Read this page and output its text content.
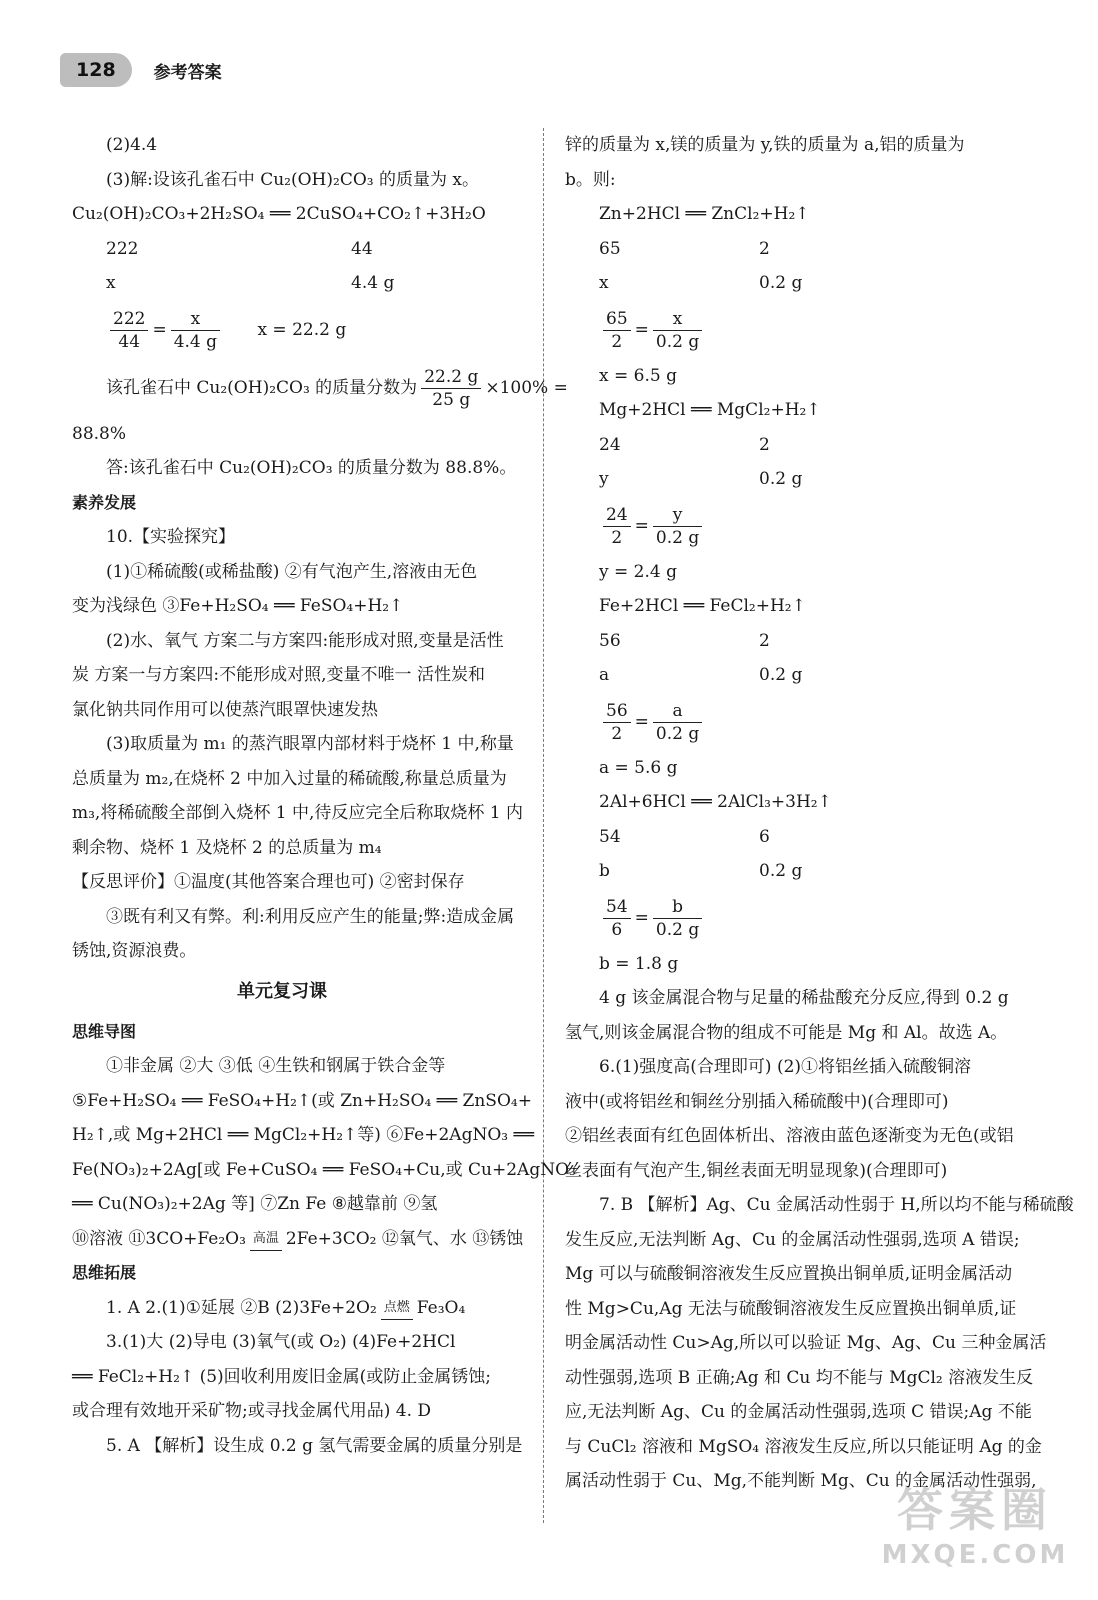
128	参考答案
(2)4.4
(3)解:设该孔雀石中 Cu₂(OH)₂CO₃ 的质量为 x。
Cu₂(OH)₂CO₃+2H₂SO₄ ══ 2CuSO₄+CO₂↑+3H₂O
222	44
x	4.4 g
$\frac{222}{44} = \frac{x}{4.4 g}$ x = 22.2 g
该孔雀石中 Cu₂(OH)₂CO₃ 的质量分数为 $\frac{22.2 g}{25 g} \times 100\%$ =
88.8%
答:该孔雀石中 Cu₂(OH)₂CO₃ 的质量分数为 88.8%。
素养发展
10.【实验探究】
(1)①稀硫酸(或稀盐酸) ②有气泡产生,溶液由无色
变为浅绿色 ③Fe+H₂SO₄ ══ FeSO₄+H₂↑
(2)水、氧气 方案二与方案四:能形成对照,变量是活性
炭 方案一与方案四:不能形成对照,变量不唯一 活性炭和
氯化钠共同作用可以使蒸汽眼罩快速发热
(3)取质量为 m₁ 的蒸汽眼罩内部材料于烧杯 1 中,称量
总质量为 m₂,在烧杯 2 中加入过量的稀硫酸,称量总质量为
m₃,将稀硫酸全部倒入烧杯 1 中,待反应完全后称取烧杯 1 内
剩余物、烧杯 1 及烧杯 2 的总质量为 m₄
【反思评价】①温度(其他答案合理也可) ②密封保存
③既有利又有弊。利:利用反应产生的能量;弊:造成金属
锈蚀,资源浪费。
单元复习课
思维导图
①非金属 ②大 ③低 ④生铁和钢属于铁合金等
⑤Fe+H₂SO₄ ══ FeSO₄+H₂↑(或 Zn+H₂SO₄ ══ ZnSO₄+
H₂↑,或 Mg+2HCl ══ MgCl₂+H₂↑等) ⑥Fe+2AgNO₃ ══
Fe(NO₃)₂+2Ag[或 Fe+CuSO₄ ══ FeSO₄+Cu,或 Cu+2AgNO₃
══ Cu(NO₃)₂+2Ag 等] ⑦Zn Fe ⑧越靠前 ⑨氢
⑩溶液 ⑪3CO+Fe₂O₃ 高温 2Fe+3CO₂ ⑫氧气、水 ⑬锈蚀
思维拓展
1. A 2.(1)①延展 ②B (2)3Fe+2O₂ 点燃 Fe₃O₄
3.(1)大 (2)导电 (3)氧气(或 O₂) (4)Fe+2HCl
══ FeCl₂+H₂↑ (5)回收利用废旧金属(或防止金属锈蚀;
或合理有效地开采矿物;或寻找金属代用品) 4. D
5. A 【解析】设生成 0.2 g 氢气需要金属的质量分别是
锌的质量为 x,镁的质量为 y,铁的质量为 a,铝的质量为
b。则:
Zn+2HCl ══ ZnCl₂+H₂↑
65	2
x	0.2 g
$\frac{65}{2} = \frac{x}{0.2 g}$
x = 6.5 g
Mg+2HCl ══ MgCl₂+H₂↑
24	2
y	0.2 g
$\frac{24}{2} = \frac{y}{0.2 g}$
y = 2.4 g
Fe+2HCl ══ FeCl₂+H₂↑
56	2
a	0.2 g
$\frac{56}{2} = \frac{a}{0.2 g}$
a = 5.6 g
2Al+6HCl ══ 2AlCl₃+3H₂↑
54	6
b	0.2 g
$\frac{54}{6} = \frac{b}{0.2 g}$
b = 1.8 g
4 g 该金属混合物与足量的稀盐酸充分反应,得到 0.2 g
氢气,则该金属混合物的组成不可能是 Mg 和 Al。故选 A。
6.(1)强度高(合理即可) (2)①将铝丝插入硫酸铜溶
液中(或将铝丝和铜丝分别插入稀硫酸中)(合理即可)
②铝丝表面有红色固体析出、溶液由蓝色逐渐变为无色(或铝
丝表面有气泡产生,铜丝表面无明显现象)(合理即可)
7. B 【解析】Ag、Cu 金属活动性弱于 H,所以均不能与稀硫酸
发生反应,无法判断 Ag、Cu 的金属活动性强弱,选项 A 错误;
Mg 可以与硫酸铜溶液发生反应置换出铜单质,证明金属活动
性 Mg>Cu,Ag 无法与硫酸铜溶液发生反应置换出铜单质,证
明金属活动性 Cu>Ag,所以可以验证 Mg、Ag、Cu 三种金属活
动性强弱,选项 B 正确;Ag 和 Cu 均不能与 MgCl₂ 溶液发生反
应,无法判断 Ag、Cu 的金属活动性强弱,选项 C 错误;Ag 不能
与 CuCl₂ 溶液和 MgSO₄ 溶液发生反应,所以只能证明 Ag 的金
属活动性弱于 Cu、Mg,不能判断 Mg、Cu 的金属活动性强弱,
答案圈
MXQE.COM
